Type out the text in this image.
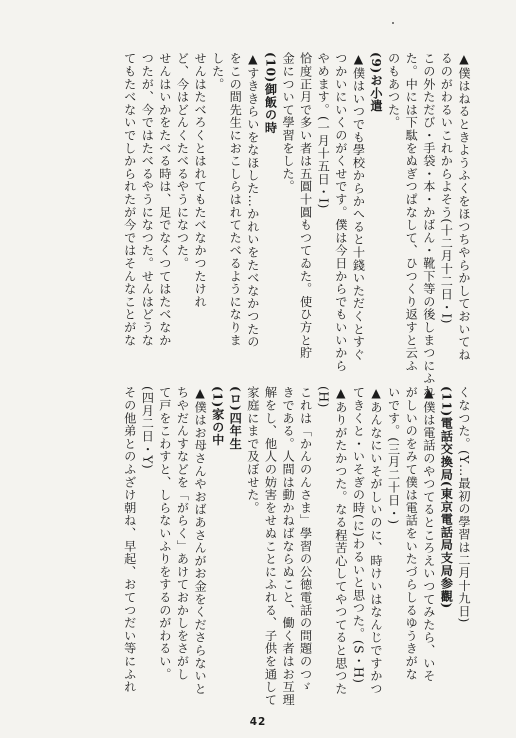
▲僕はねるときようふくをほつちやらかしておいてね
るのがわるいこれからよそう(十二月十二日・I)
この外ただび・手袋・本・かばん・靴下等の後しまつにふれ
た。中には下駄をぬぎつぱなして、ひつくり返すと云ふ
のもあつた。
(9)お小遣
▲僕はいつでも學校からかへると十錢いただくとすぐ
つかいにいくのがくせです。僕は今日からでもいいから
やめます。(一月十五日・I)
恰度正月で多い者は五圓十圓もつてゐた。使ひ方と貯
金について學習をした。
(10)御飯の時
▲すききらいをなほした…かれいをたべなかつたの
をこの間先生におこしらはれてたべるようになりま
した。
せんはたべろくとはれてもたべなかつたけれ
ど、今はどんくたべるやうになつた。
せんはいかをたべる時は、足でなくつてはたべなか
つたが、今ではたべるやうになつた。せんはどうな
てもたべないでしかられたが今ではそんなことがな
くなつた。(Y…最初の學習は二月十九日)
(11)電話交換局(東京電話局支局参觀)
▲僕は電話のやつてるところえいつてみたら、いそ
がしいのをみて僕は電話をいたづらしるゆうきがな
いです。(三月二十日・)
▲あんなにいそがしいのに、時けいはなんじですかつ
てきくと・いそぎの時(に)わるいと思つた。(S・H)
▲ありがたかつた。なる程苦心してやつてると思つた
(H)
これは「かんのんさま」學習の公徳電話の問題のつゞ
きである。人間は動かねばならぬこと、働く者はお互理
解をし、他人の妨害をせぬことにふれる、子供を通して
家庭にまで及ぼせた。
(ロ)四年生
(1)家の中
▲僕はお母さんやおばあさんがお金をくださらないと
ちやだんすなどを「がらく」あけておかしをさがし
て戸をこわすと、しらないふりをするのがわるい。
(四月二日・Y)
その他弟とのふざけ朝ね、早起、おてつだい等にふれ
42
